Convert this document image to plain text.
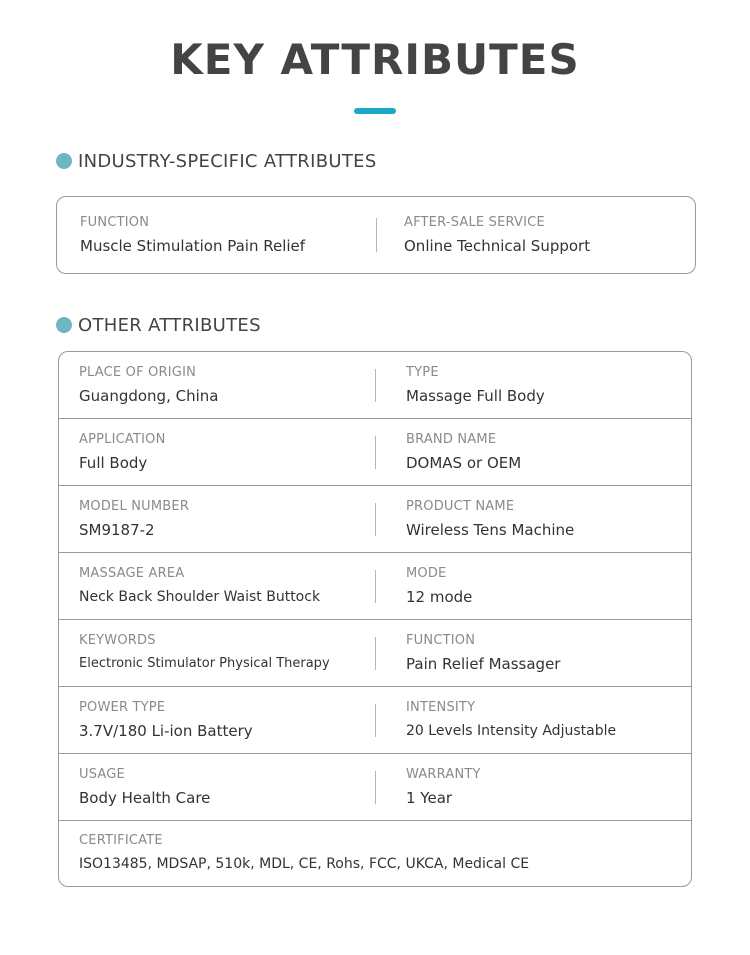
KEY ATTRIBUTES
INDUSTRY-SPECIFIC ATTRIBUTES
FUNCTION
Muscle Stimulation Pain Relief
AFTER-SALE SERVICE
Online Technical Support
OTHER ATTRIBUTES
PLACE OF ORIGIN
Guangdong, China
TYPE
Massage Full Body
APPLICATION
Full Body
BRAND NAME
DOMAS or OEM
MODEL NUMBER
SM9187-2
PRODUCT NAME
Wireless Tens Machine
MASSAGE AREA
Neck Back Shoulder Waist Buttock
MODE
12 mode
KEYWORDS
Electronic Stimulator Physical Therapy
FUNCTION
Pain Relief Massager
POWER TYPE
3.7V/180 Li-ion Battery
INTENSITY
20 Levels Intensity Adjustable
USAGE
Body Health Care
WARRANTY
1 Year
CERTIFICATE
ISO13485, MDSAP, 510k, MDL, CE, Rohs, FCC, UKCA, Medical CE
